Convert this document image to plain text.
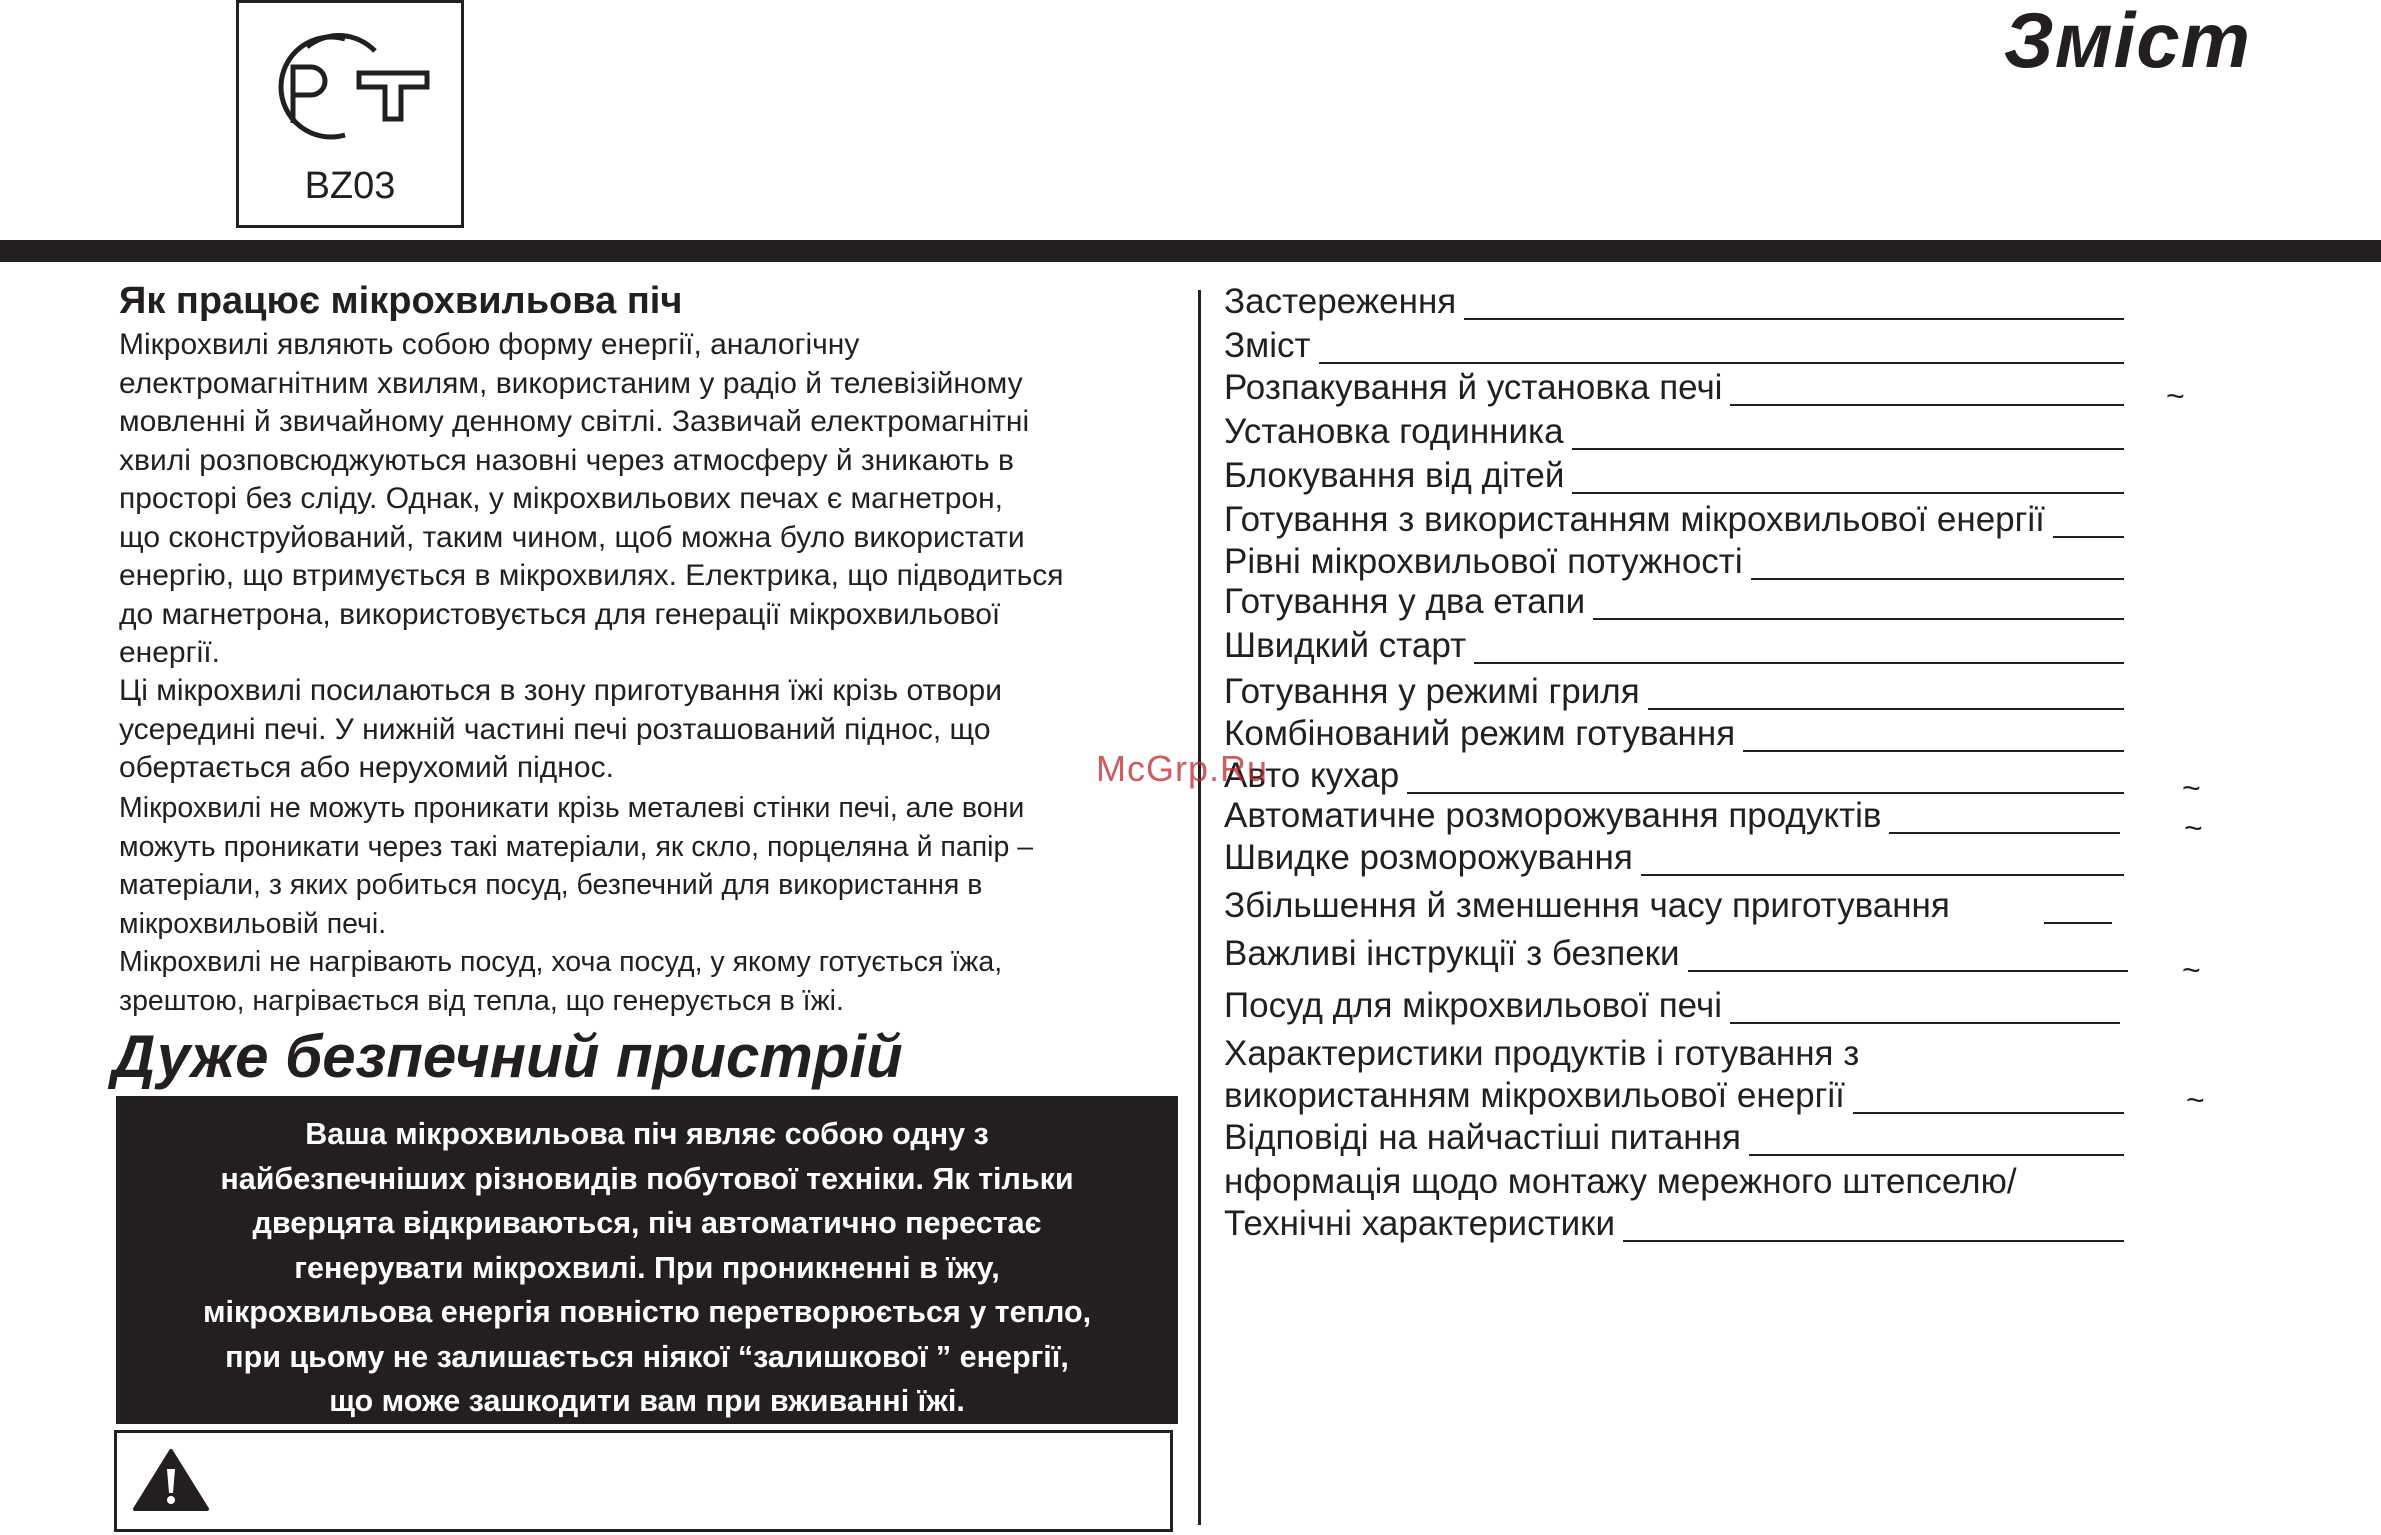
BZ03
Зміст
Як працює мікрохвильова піч
Мікрохвилі являють собою форму енергії, аналогічну
електромагнітним хвилям, використаним у радіо й телевізійному
мовленні й звичайному денному світлі. Зазвичай електромагнітні
хвилі розповсюджуються назовні через атмосферу й зникають в
просторі без сліду. Однак, у мікрохвильових печах є магнетрон,
що сконструйований, таким чином, щоб можна було використати
енергію, що втримується в мікрохвилях. Електрика, що підводиться
до магнетрона, використовується для генерації мікрохвильової
енергії.
Ці мікрохвилі посилаються в зону приготування їжі крізь отвори
усередині печі. У нижній частині печі розташований піднос, що
обертається або нерухомий піднос.
Мікрохвилі не можуть проникати крізь металеві стінки печі, але вони
можуть проникати через такі матеріали, як скло, порцеляна й папір –
матеріали, з яких робиться посуд, безпечний для використання в
мікрохвильовій печі.
Мікрохвилі не нагрівають посуд, хоча посуд, у якому готується їжа,
зрештою, нагрівається від тепла, що генерується в їжі.
Дуже безпечний пристрій
Ваша мікрохвильова піч являє собою одну з
найбезпечніших різновидів побутової техніки. Як тільки
дверцята відкриваються, піч автоматично перестає
генерувати мікрохвилі. При проникненні в їжу,
мікрохвильова енергія повністю перетворюється у тепло,
при цьому не залишається ніякої “залишкової ” енергії,
що може зашкодити вам при вживанні їжі.
Застереження
Зміст
Розпакування й установка печі	~
Установка годинника
Блокування від дітей
Готування з використанням мікрохвильової енергії
Рівні мікрохвильової потужності
Готування у два етапи
Швидкий старт
Готування у режимі гриля
Комбінований режим готування
Авто кухар	~
Автоматичне розморожування продуктів	~
Швидке розморожування
Збільшення й зменшення часу приготування
Важливі інструкції з безпеки	~
Посуд для мікрохвильової печі
Характеристики продуктів і готування з
використанням мікрохвильової енергії	~
Відповіді на найчастіші питання
нформація щодо монтажу мережного штепселю/
Технічні характеристики
McGrp.Ru
